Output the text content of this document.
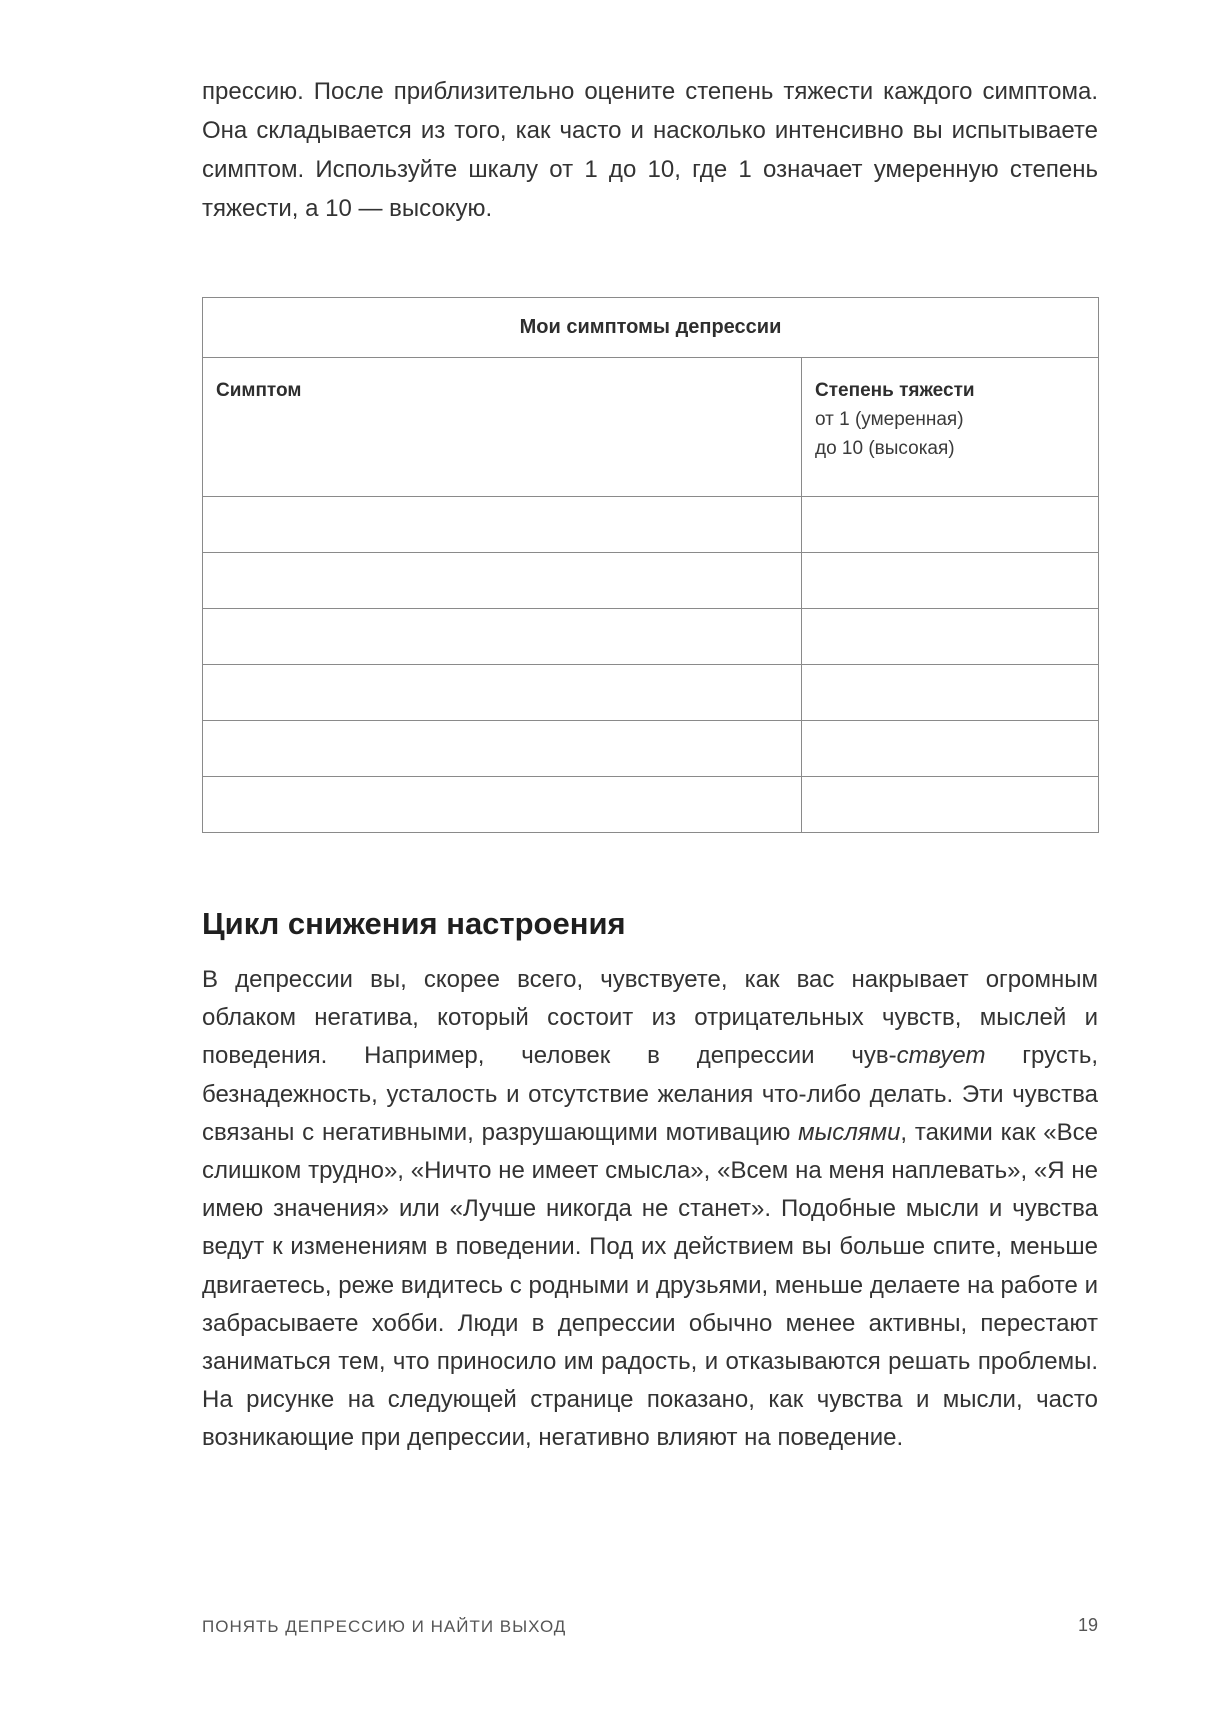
прессию. После приблизительно оцените степень тяжести каждого симптома. Она складывается из того, как часто и насколько интенсивно вы испытываете симптом. Используйте шкалу от 1 до 10, где 1 означает умеренную степень тяжести, а 10 — высокую.

Мои симптомы депрессии	

Симптом	Степень тяжести
от 1 (умеренная)
до 10 (высокая)

Цикл снижения настроения

В депрессии вы, скорее всего, чувствуете, как вас накрывает огромным облаком негатива, который состоит из отрицательных чувств, мыслей и поведения. Например, человек в депрессии чув-ствует грусть, безнадежность, усталость и отсутствие желания что-либо делать. Эти чувства связаны с негативными, разрушающими мотивацию мыслями, такими как «Все слишком трудно», «Ничто не имеет смысла», «Всем на меня наплевать», «Я не имею значения» или «Лучше никогда не станет». Подобные мысли и чувства ведут к изменениям в поведении. Под их действием вы больше спите, меньше двигаетесь, реже видитесь с родными и друзьями, меньше делаете на работе и забрасываете хобби. Люди в депрессии обычно менее активны, перестают заниматься тем, что приносило им радость, и отказываются решать проблемы. На рисунке на следующей странице показано, как чувства и мысли, часто возникающие при депрессии, негативно влияют на поведение.

ПОНЯТЬ ДЕПРЕССИЮ И НАЙТИ ВЫХОД	19
